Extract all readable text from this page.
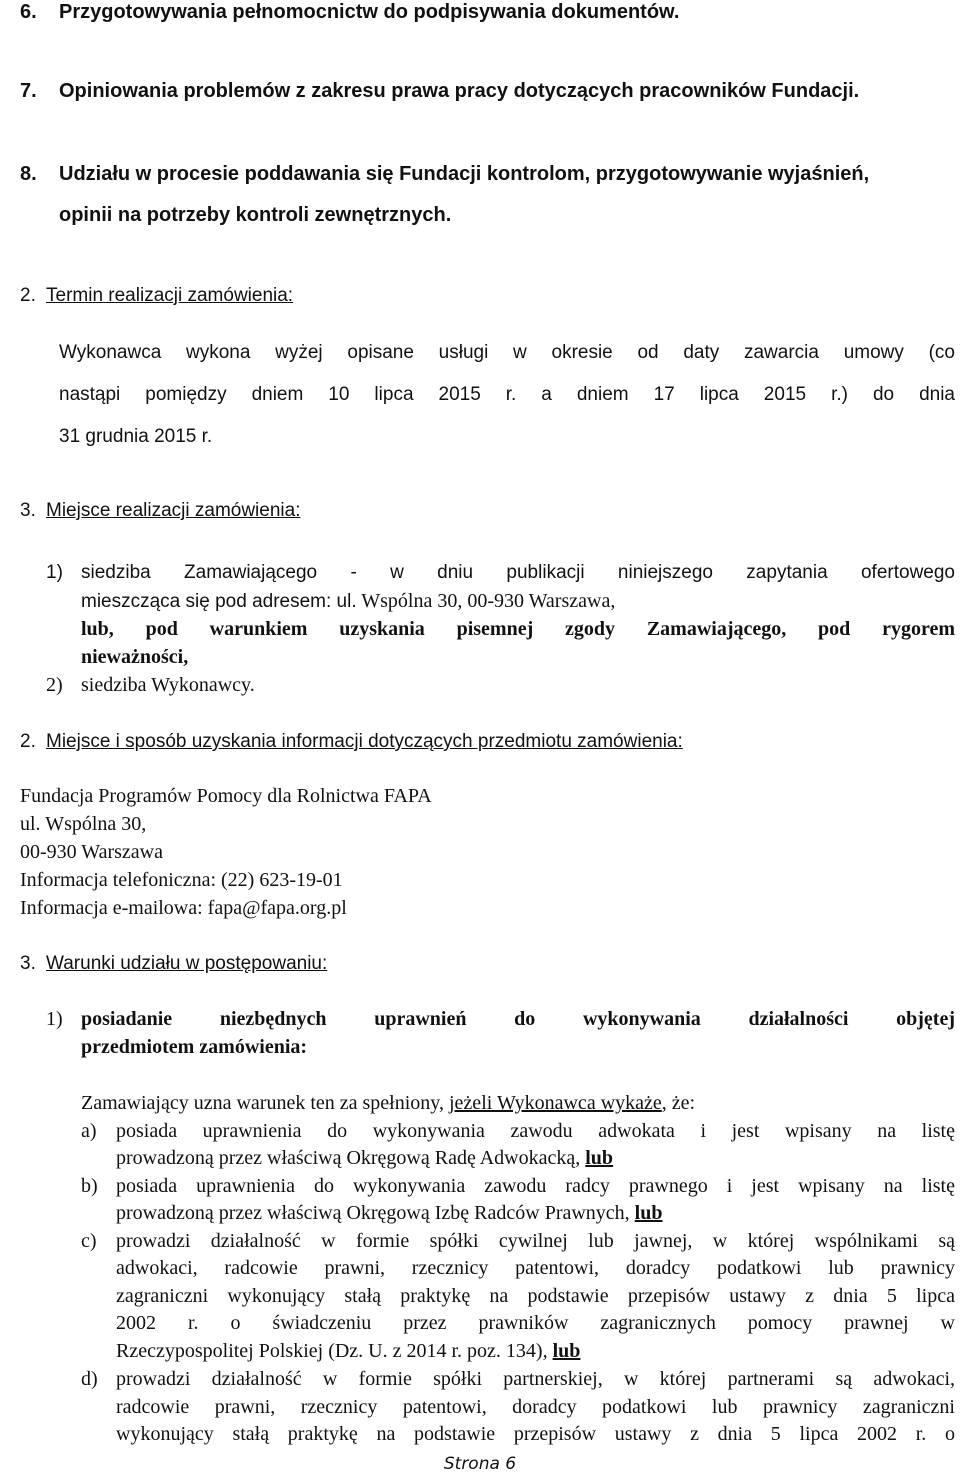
6. Przygotowywania pełnomocnictw do podpisywania dokumentów.
7. Opiniowania problemów z zakresu prawa pracy dotyczących pracowników Fundacji.
8. Udziału w procesie poddawania się Fundacji kontrolom, przygotowywanie wyjaśnień,
opinii na potrzeby kontroli zewnętrznych.
2. Termin realizacji zamówienia:
Wykonawca wykona wyżej opisane usługi w okresie od daty zawarcia umowy (co
nastąpi pomiędzy dniem 10 lipca 2015 r. a dniem 17 lipca 2015 r.) do dnia
31 grudnia 2015 r.
3. Miejsce realizacji zamówienia:
1) siedziba Zamawiającego - w dniu publikacji niniejszego zapytania ofertowego
mieszcząca się pod adresem: ul. Wspólna 30, 00-930 Warszawa,
lub, pod warunkiem uzyskania pisemnej zgody Zamawiającego, pod rygorem
nieważności,
2) siedziba Wykonawcy.
2. Miejsce i sposób uzyskania informacji dotyczących przedmiotu zamówienia:
Fundacja Programów Pomocy dla Rolnictwa FAPA
ul. Wspólna 30,
00-930 Warszawa
Informacja telefoniczna: (22) 623-19-01
Informacja e-mailowa: fapa@fapa.org.pl
3. Warunki udziału w postępowaniu:
1) posiadanie niezbędnych uprawnień do wykonywania działalności objętej
przedmiotem zamówienia:
Zamawiający uzna warunek ten za spełniony, jeżeli Wykonawca wykaże, że:
a) posiada uprawnienia do wykonywania zawodu adwokata i jest wpisany na listę
prowadzoną przez właściwą Okręgową Radę Adwokacką, lub
b) posiada uprawnienia do wykonywania zawodu radcy prawnego i jest wpisany na listę
prowadzoną przez właściwą Okręgową Izbę Radców Prawnych, lub
c) prowadzi działalność w formie spółki cywilnej lub jawnej, w której wspólnikami są
adwokaci, radcowie prawni, rzecznicy patentowi, doradcy podatkowi lub prawnicy
zagraniczni wykonujący stałą praktykę na podstawie przepisów ustawy z dnia 5 lipca
2002 r. o świadczeniu przez prawników zagranicznych pomocy prawnej w
Rzeczypospolitej Polskiej (Dz. U. z 2014 r. poz. 134), lub
d) prowadzi działalność w formie spółki partnerskiej, w której partnerami są adwokaci,
radcowie prawni, rzecznicy patentowi, doradcy podatkowi lub prawnicy zagraniczni
wykonujący stałą praktykę na podstawie przepisów ustawy z dnia 5 lipca 2002 r. o
Strona 6
